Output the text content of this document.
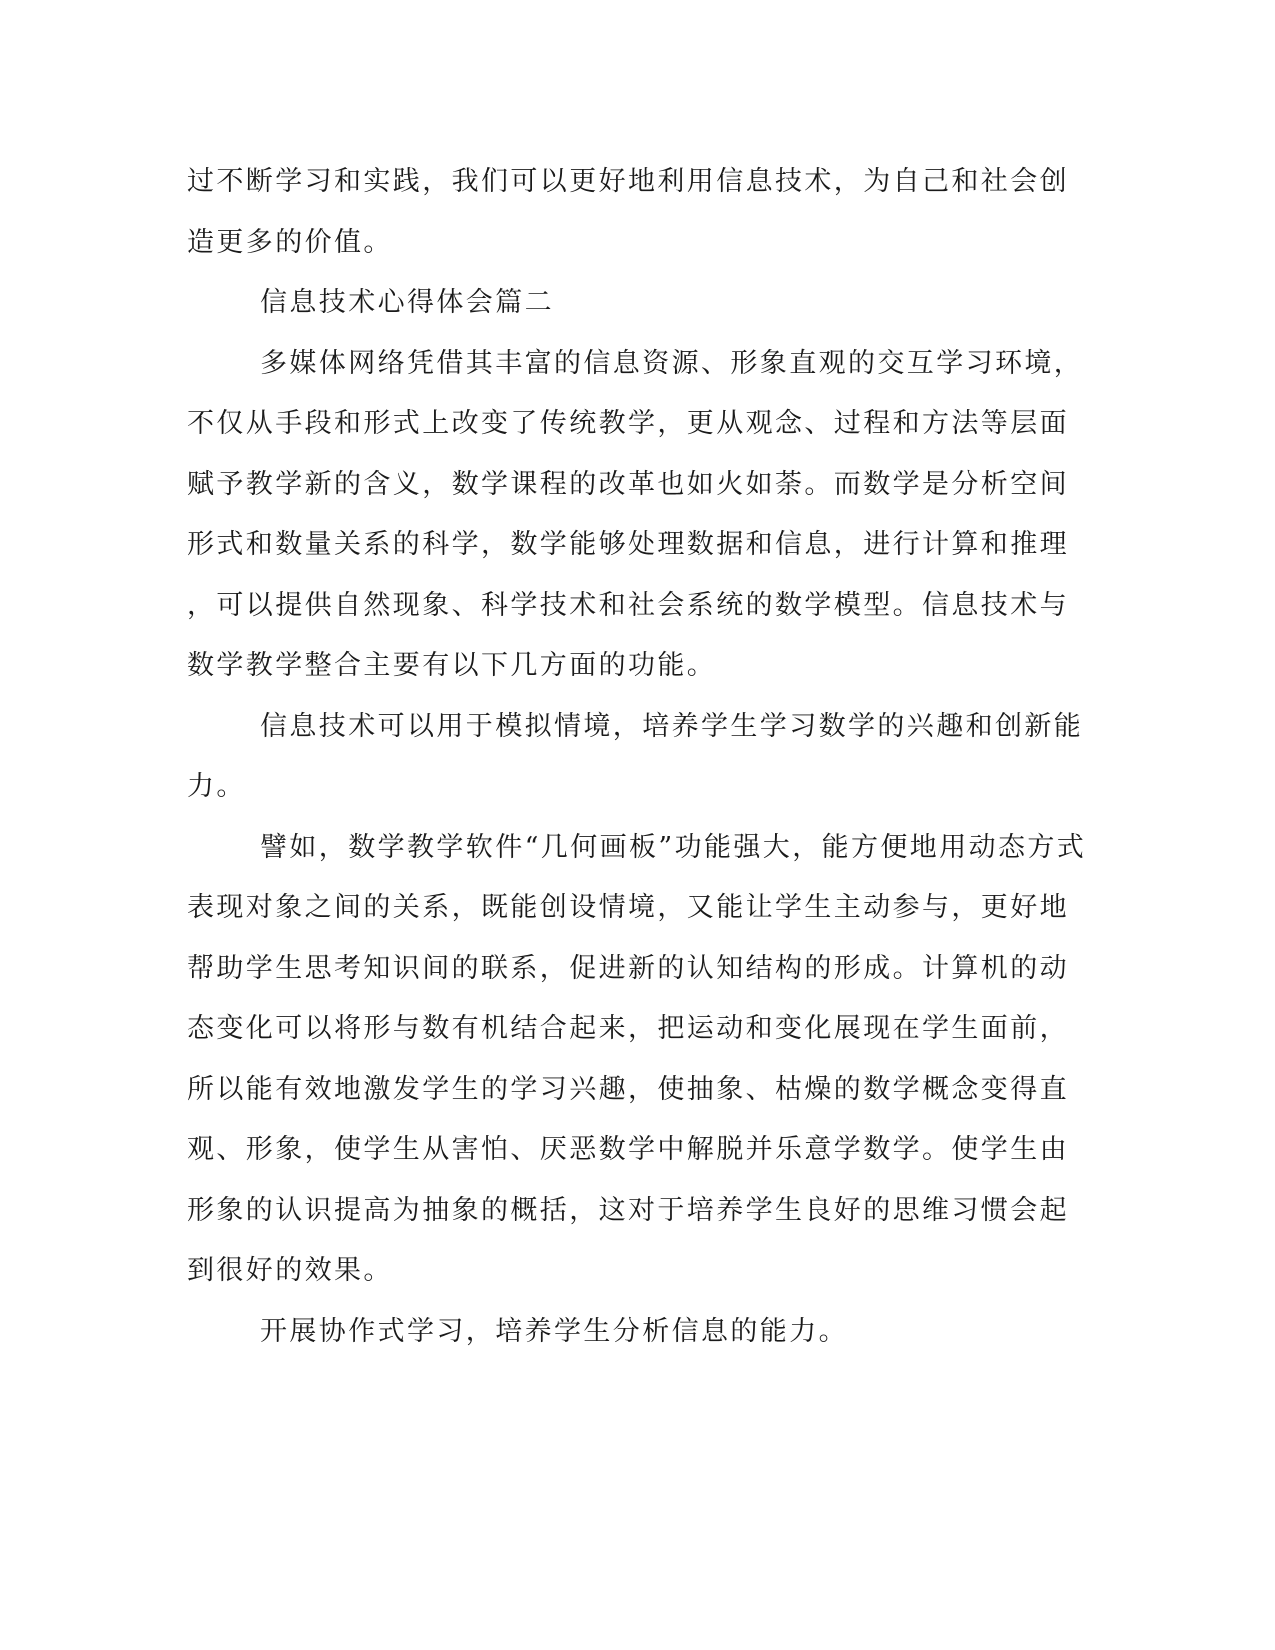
过不断学习和实践，我们可以更好地利用信息技术，为自己和社会创
造更多的价值。
信息技术心得体会篇二
多媒体网络凭借其丰富的信息资源、形象直观的交互学习环境，
不仅从手段和形式上改变了传统教学，更从观念、过程和方法等层面
赋予教学新的含义，数学课程的改革也如火如荼。而数学是分析空间
形式和数量关系的科学，数学能够处理数据和信息，进行计算和推理
，可以提供自然现象、科学技术和社会系统的数学模型。信息技术与
数学教学整合主要有以下几方面的功能。
信息技术可以用于模拟情境，培养学生学习数学的兴趣和创新能
力。
譬如，数学教学软件“几何画板”功能强大，能方便地用动态方式
表现对象之间的关系，既能创设情境，又能让学生主动参与，更好地
帮助学生思考知识间的联系，促进新的认知结构的形成。计算机的动
态变化可以将形与数有机结合起来，把运动和变化展现在学生面前，
所以能有效地激发学生的学习兴趣，使抽象、枯燥的数学概念变得直
观、形象，使学生从害怕、厌恶数学中解脱并乐意学数学。使学生由
形象的认识提高为抽象的概括，这对于培养学生良好的思维习惯会起
到很好的效果。
开展协作式学习，培养学生分析信息的能力。
